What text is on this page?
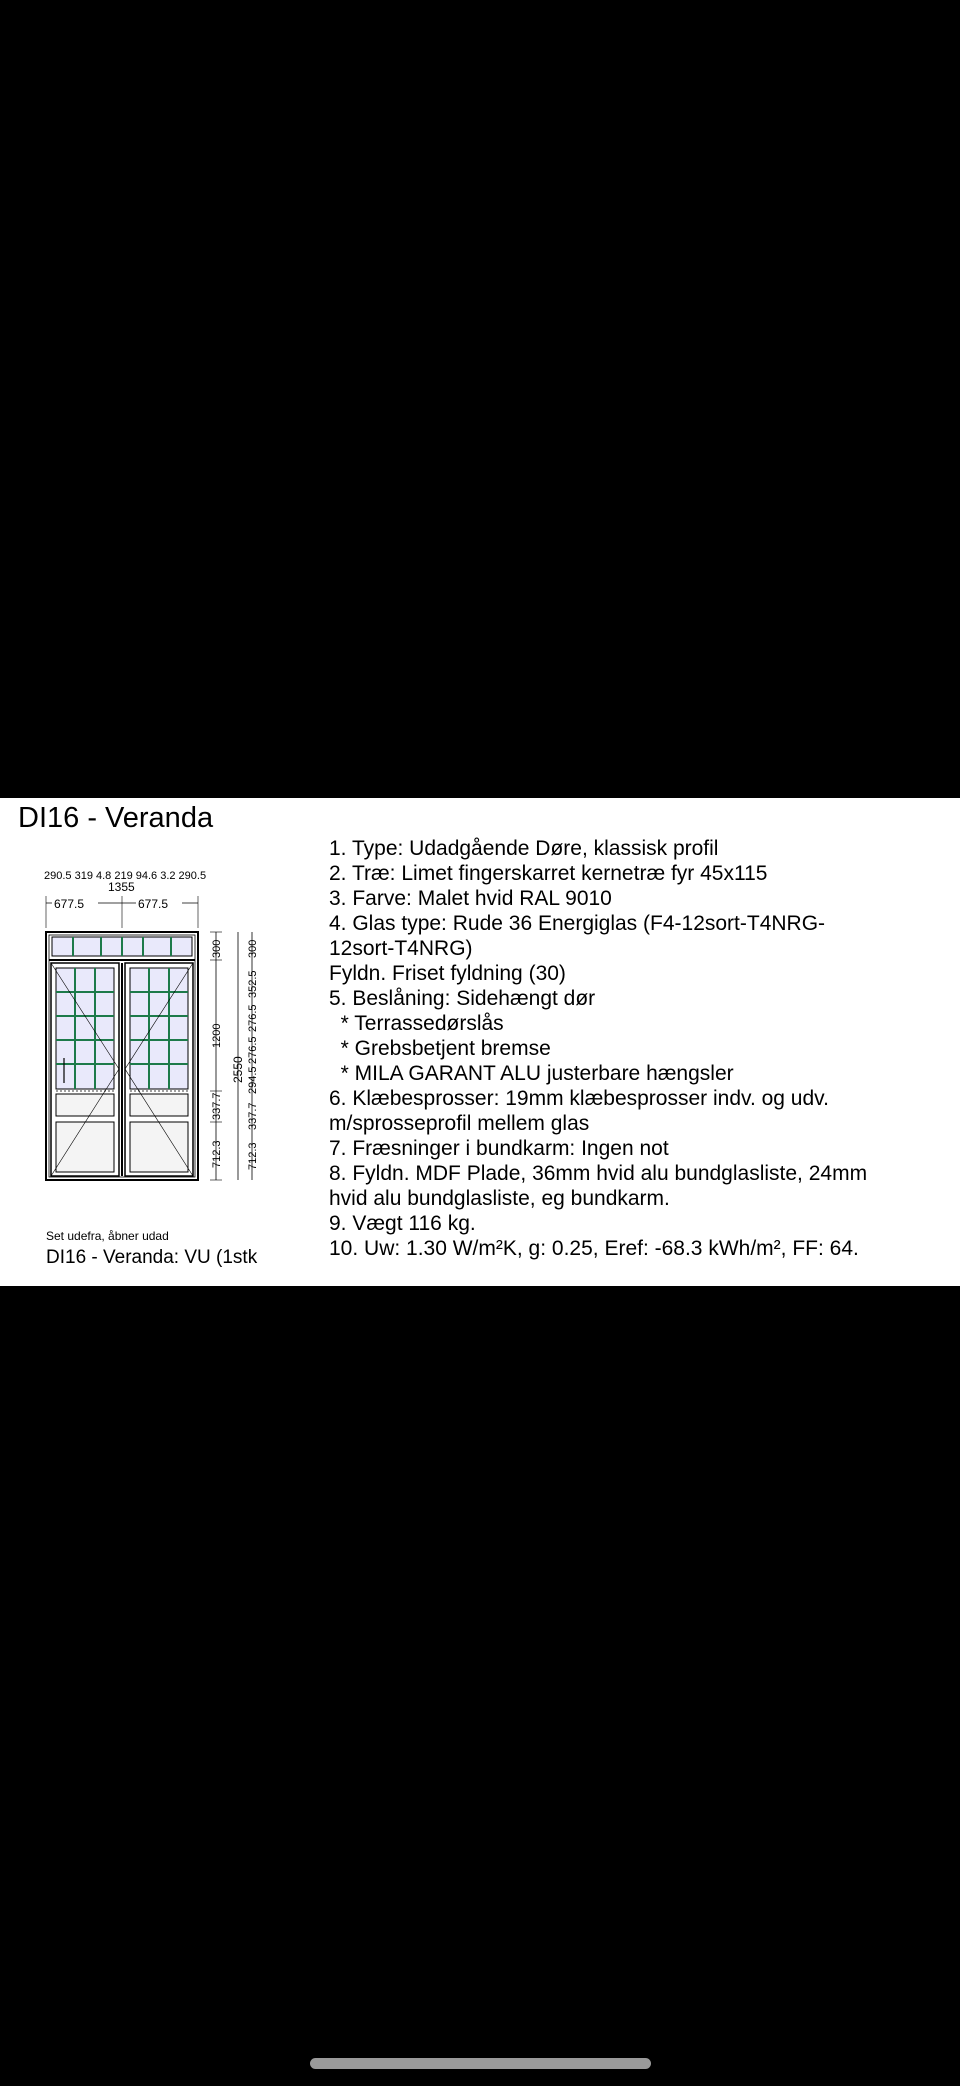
DI16 - Veranda
290.5 319 4.8 219 94.6 3.2 290.5
1355
677.5	677.5
300
1200
337.7
712.3
2550
300
352.5
276.5
276.5
294.5
337.7
712.3
Set udefra, åbner udad
DI16 - Veranda: VU (1stk
1. Type: Udadgående Døre, klassisk profil
2. Træ: Limet fingerskarret kernetræ fyr 45x115
3. Farve: Malet hvid RAL 9010
4. Glas type: Rude 36 Energiglas (F4-12sort-T4NRG-
12sort-T4NRG)
Fyldn. Friset fyldning (30)
5. Beslåning: Sidehængt dør
* Terrassedørslås
* Grebsbetjent bremse
* MILA GARANT ALU justerbare hængsler
6. Klæbesprosser: 19mm klæbesprosser indv. og udv.
m/sprosseprofil mellem glas
7. Fræsninger i bundkarm: Ingen not
8. Fyldn. MDF Plade, 36mm hvid alu bundglasliste, 24mm
hvid alu bundglasliste, eg bundkarm.
9. Vægt 116 kg.
10. Uw: 1.30 W/m²K, g: 0.25, Eref: -68.3 kWh/m², FF: 64.
